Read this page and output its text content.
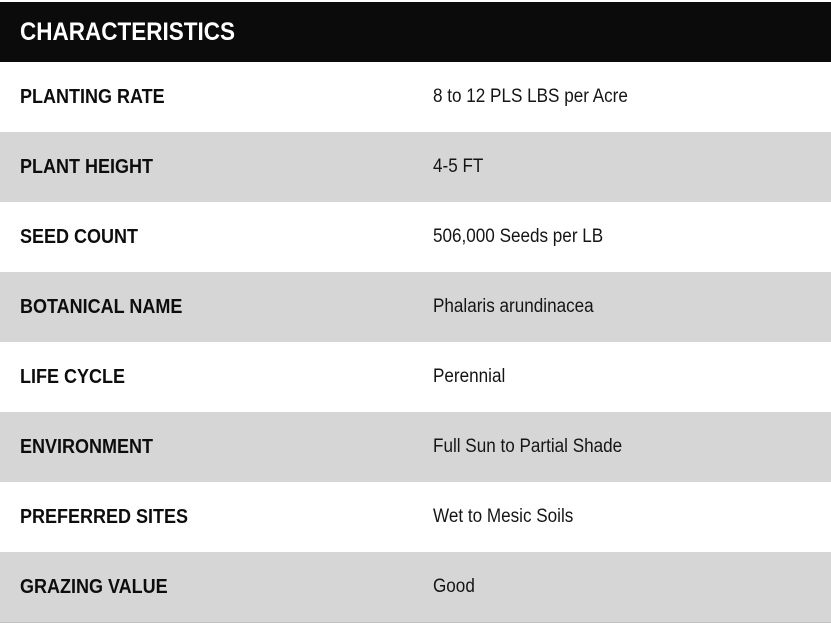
CHARACTERISTICS
PLANTING RATE	8 to 12 PLS LBS per Acre
PLANT HEIGHT	4-5 FT
SEED COUNT	506,000 Seeds per LB
BOTANICAL NAME	Phalaris arundinacea
LIFE CYCLE	Perennial
ENVIRONMENT	Full Sun to Partial Shade
PREFERRED SITES	Wet to Mesic Soils
GRAZING VALUE	Good
